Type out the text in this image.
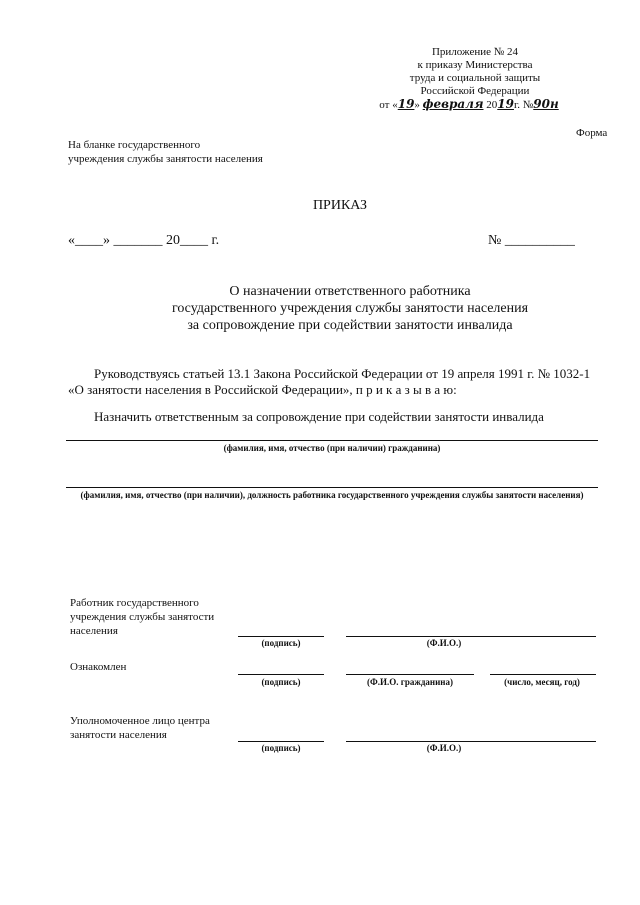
Приложение № 24
к приказу Министерства
труда и социальной защиты
Российской Федерации
от «19» февраля 2019г. №90н
Форма
На бланке государственного
учреждения службы занятости населения
ПРИКАЗ
«____» _______ 20____ г.	№ __________
О назначении ответственного работника
государственного учреждения службы занятости населения
за сопровождение при содействии занятости инвалида
Руководствуясь статьей 13.1 Закона Российской Федерации от 19 апреля 1991 г. № 1032-1 «О занятости населения в Российской Федерации», п р и к а з ы в а ю:
Назначить ответственным за сопровождение при содействии занятости инвалида
(фамилия, имя, отчество (при наличии) гражданина)
(фамилия, имя, отчество (при наличии), должность работника государственного учреждения службы занятости населения)
Работник государственного учреждения службы занятости населения
(подпись)	(Ф.И.О.)
Ознакомлен
(подпись)	(Ф.И.О. гражданина)	(число, месяц, год)
Уполномоченное лицо центра занятости населения
(подпись)	(Ф.И.О.)
